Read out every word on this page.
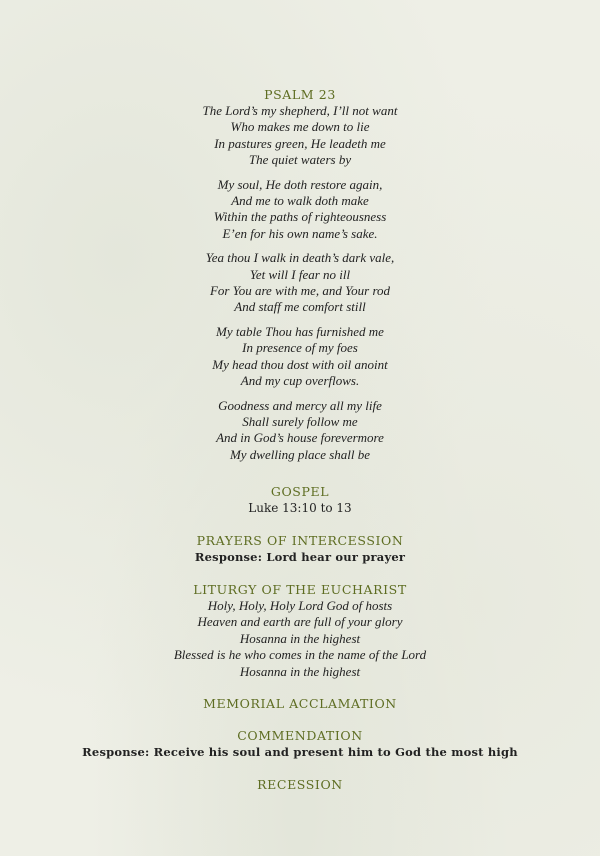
PSALM 23
The Lord’s my shepherd, I’ll not want
Who makes me down to lie
In pastures green, He leadeth me
The quiet waters by
My soul, He doth restore again,
And me to walk doth make
Within the paths of righteousness
E’en for his own name’s sake.
Yea thou I walk in death’s dark vale,
Yet will I fear no ill
For You are with me, and Your rod
And staff me comfort still
My table Thou has furnished me
In presence of my foes
My head thou dost with oil anoint
And my cup overflows.
Goodness and mercy all my life
Shall surely follow me
And in God’s house forevermore
My dwelling place shall be
GOSPEL
Luke 13:10 to 13
PRAYERS OF INTERCESSION
Response: Lord hear our prayer
LITURGY OF THE EUCHARIST
Holy, Holy, Holy Lord God of hosts
Heaven and earth are full of your glory
Hosanna in the highest
Blessed is he who comes in the name of the Lord
Hosanna in the highest
MEMORIAL ACCLAMATION
COMMENDATION
Response: Receive his soul and present him to God the most high
RECESSION
